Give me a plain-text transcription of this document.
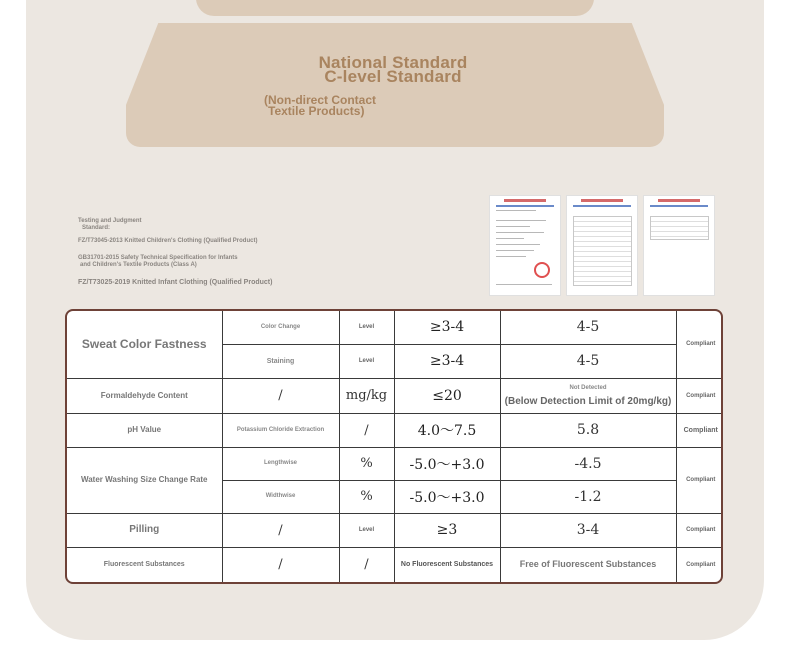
National Standard
C-level Standard
(Non-direct Contact
Textile Products)
Testing and Judgment
Standard:
FZ/T73045-2013 Knitted Children's Clothing (Qualified Product)
GB31701-2015 Safety Technical Specification for Infants
and Children's Textile Products (Class A)
FZ/T73025-2019 Knitted Infant Clothing (Qualified Product)
Sweat Color Fastness	Color Change	Level	≥3-4	4-5	Compliant
	Staining	Level	≥3-4	4-5	
Formaldehyde Content	/	mg/kg	≤20	Not Detected
(Below Detection Limit of 20mg/kg)	Compliant
pH Value	Potassium Chloride Extraction	/	4.0～7.5	5.8	Compliant
Water Washing Size Change Rate	Lengthwise	%	-5.0～+3.0	-4.5	Compliant
	Widthwise	%	-5.0～+3.0	-1.2	
Pilling	/	Level	≥3	3-4	Compliant
Fluorescent Substances	/	/	No Fluorescent Substances	Free of Fluorescent Substances	Compliant
